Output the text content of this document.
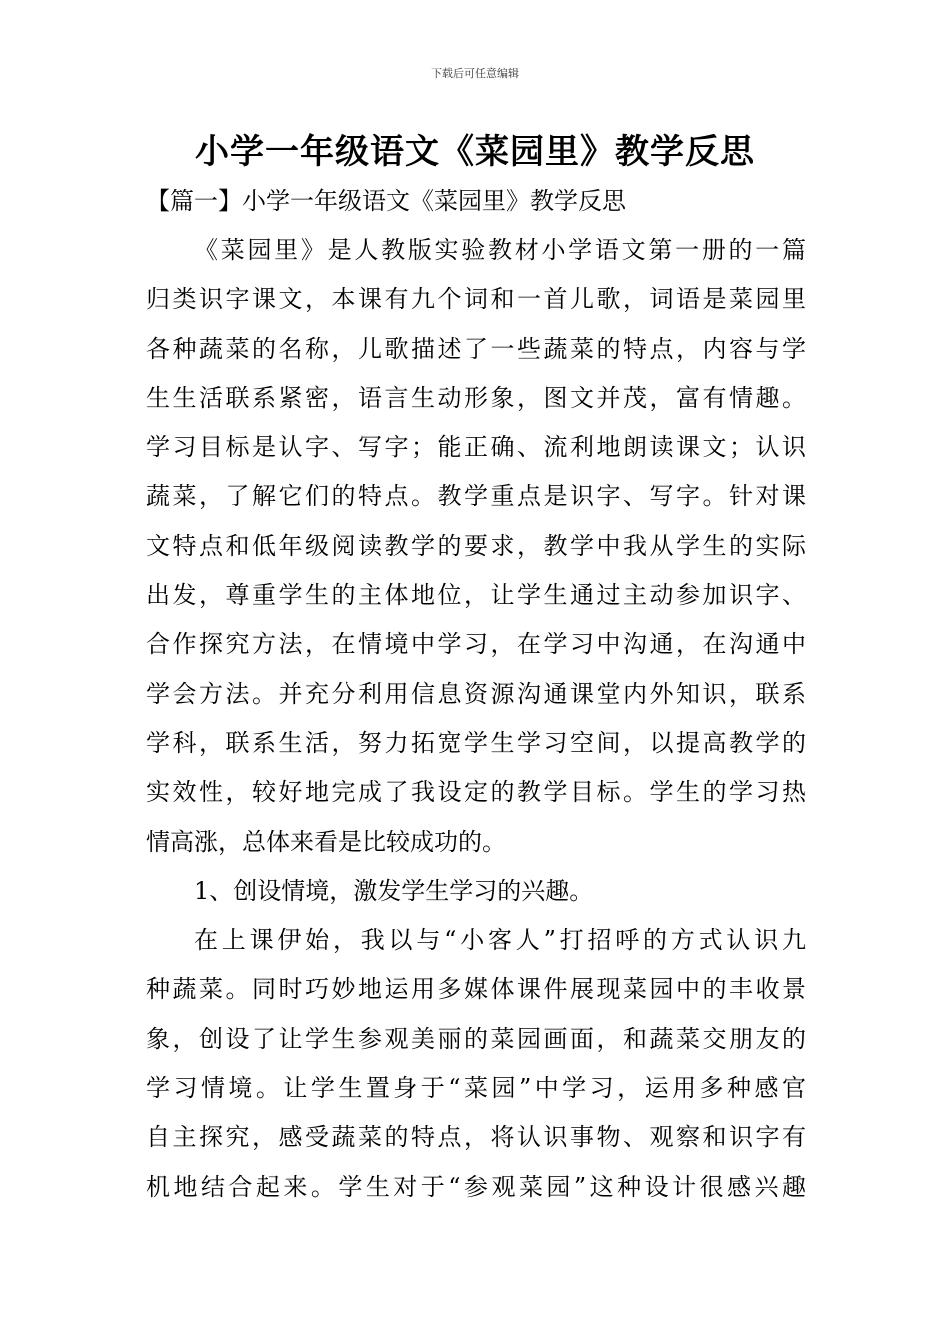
下载后可任意编辑
小学一年级语文《菜园里》教学反思
【篇一】小学一年级语文《菜园里》教学反思
《菜园里》是人教版实验教材小学语文第一册的一篇
归类识字课文，本课有九个词和一首儿歌，词语是菜园里
各种蔬菜的名称，儿歌描述了一些蔬菜的特点，内容与学
生生活联系紧密，语言生动形象，图文并茂，富有情趣。
学习目标是认字、写字；能正确、流利地朗读课文；认识
蔬菜，了解它们的特点。教学重点是识字、写字。针对课
文特点和低年级阅读教学的要求，教学中我从学生的实际
出发，尊重学生的主体地位，让学生通过主动参加识字、
合作探究方法，在情境中学习，在学习中沟通，在沟通中
学会方法。并充分利用信息资源沟通课堂内外知识，联系
学科，联系生活，努力拓宽学生学习空间，以提高教学的
实效性，较好地完成了我设定的教学目标。学生的学习热
情高涨，总体来看是比较成功的。
1、创设情境，激发学生学习的兴趣。
在上课伊始，我以与“小客人”打招呼的方式认识九
种蔬菜。同时巧妙地运用多媒体课件展现菜园中的丰收景
象，创设了让学生参观美丽的菜园画面，和蔬菜交朋友的
学习情境。让学生置身于“菜园”中学习，运用多种感官
自主探究，感受蔬菜的特点，将认识事物、观察和识字有
机地结合起来。学生对于“参观菜园”这种设计很感兴趣
